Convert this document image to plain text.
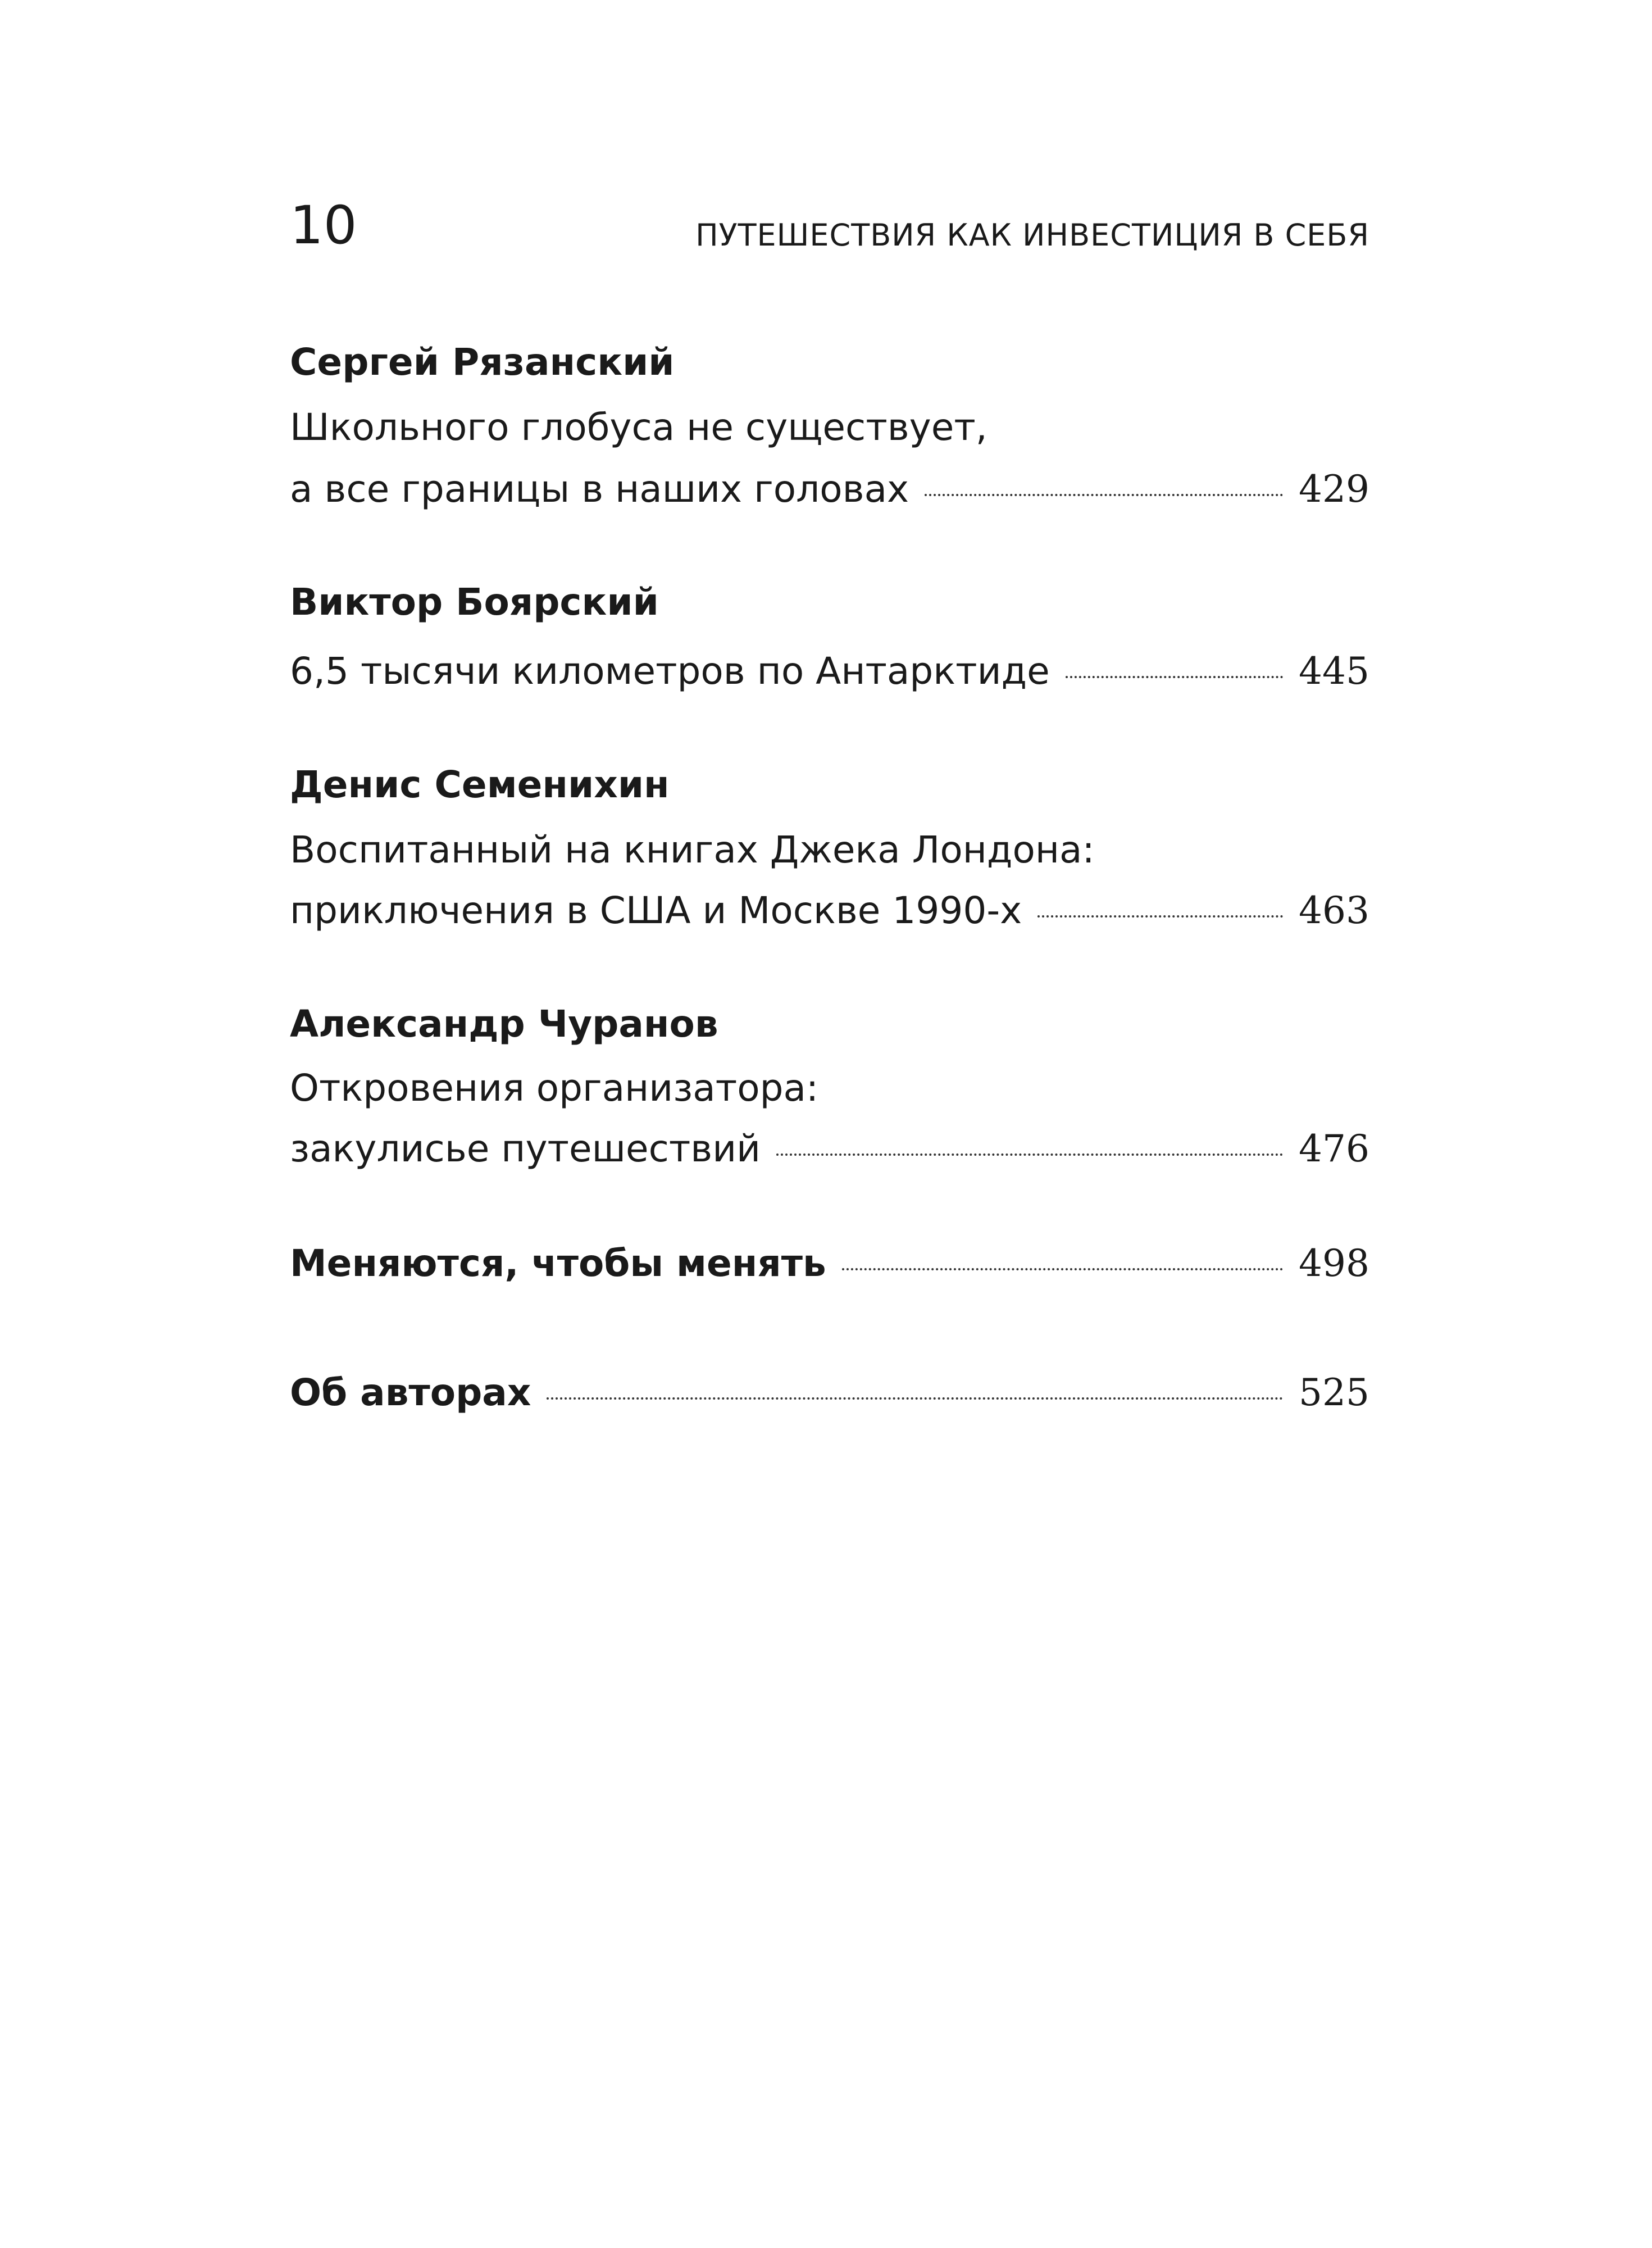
10	ПУТЕШЕСТВИЯ КАК ИНВЕСТИЦИЯ В СЕБЯ
Сергей Рязанский
Школьного глобуса не существует,
а все границы в наших головах	429
Виктор Боярский
6,5 тысячи километров по Антарктиде	445
Денис Семенихин
Воспитанный на книгах Джека Лондона:
приключения в США и Москве 1990-х	463
Александр Чуранов
Откровения организатора:
закулисье путешествий	476
Меняются, чтобы менять	498
Об авторах	525
